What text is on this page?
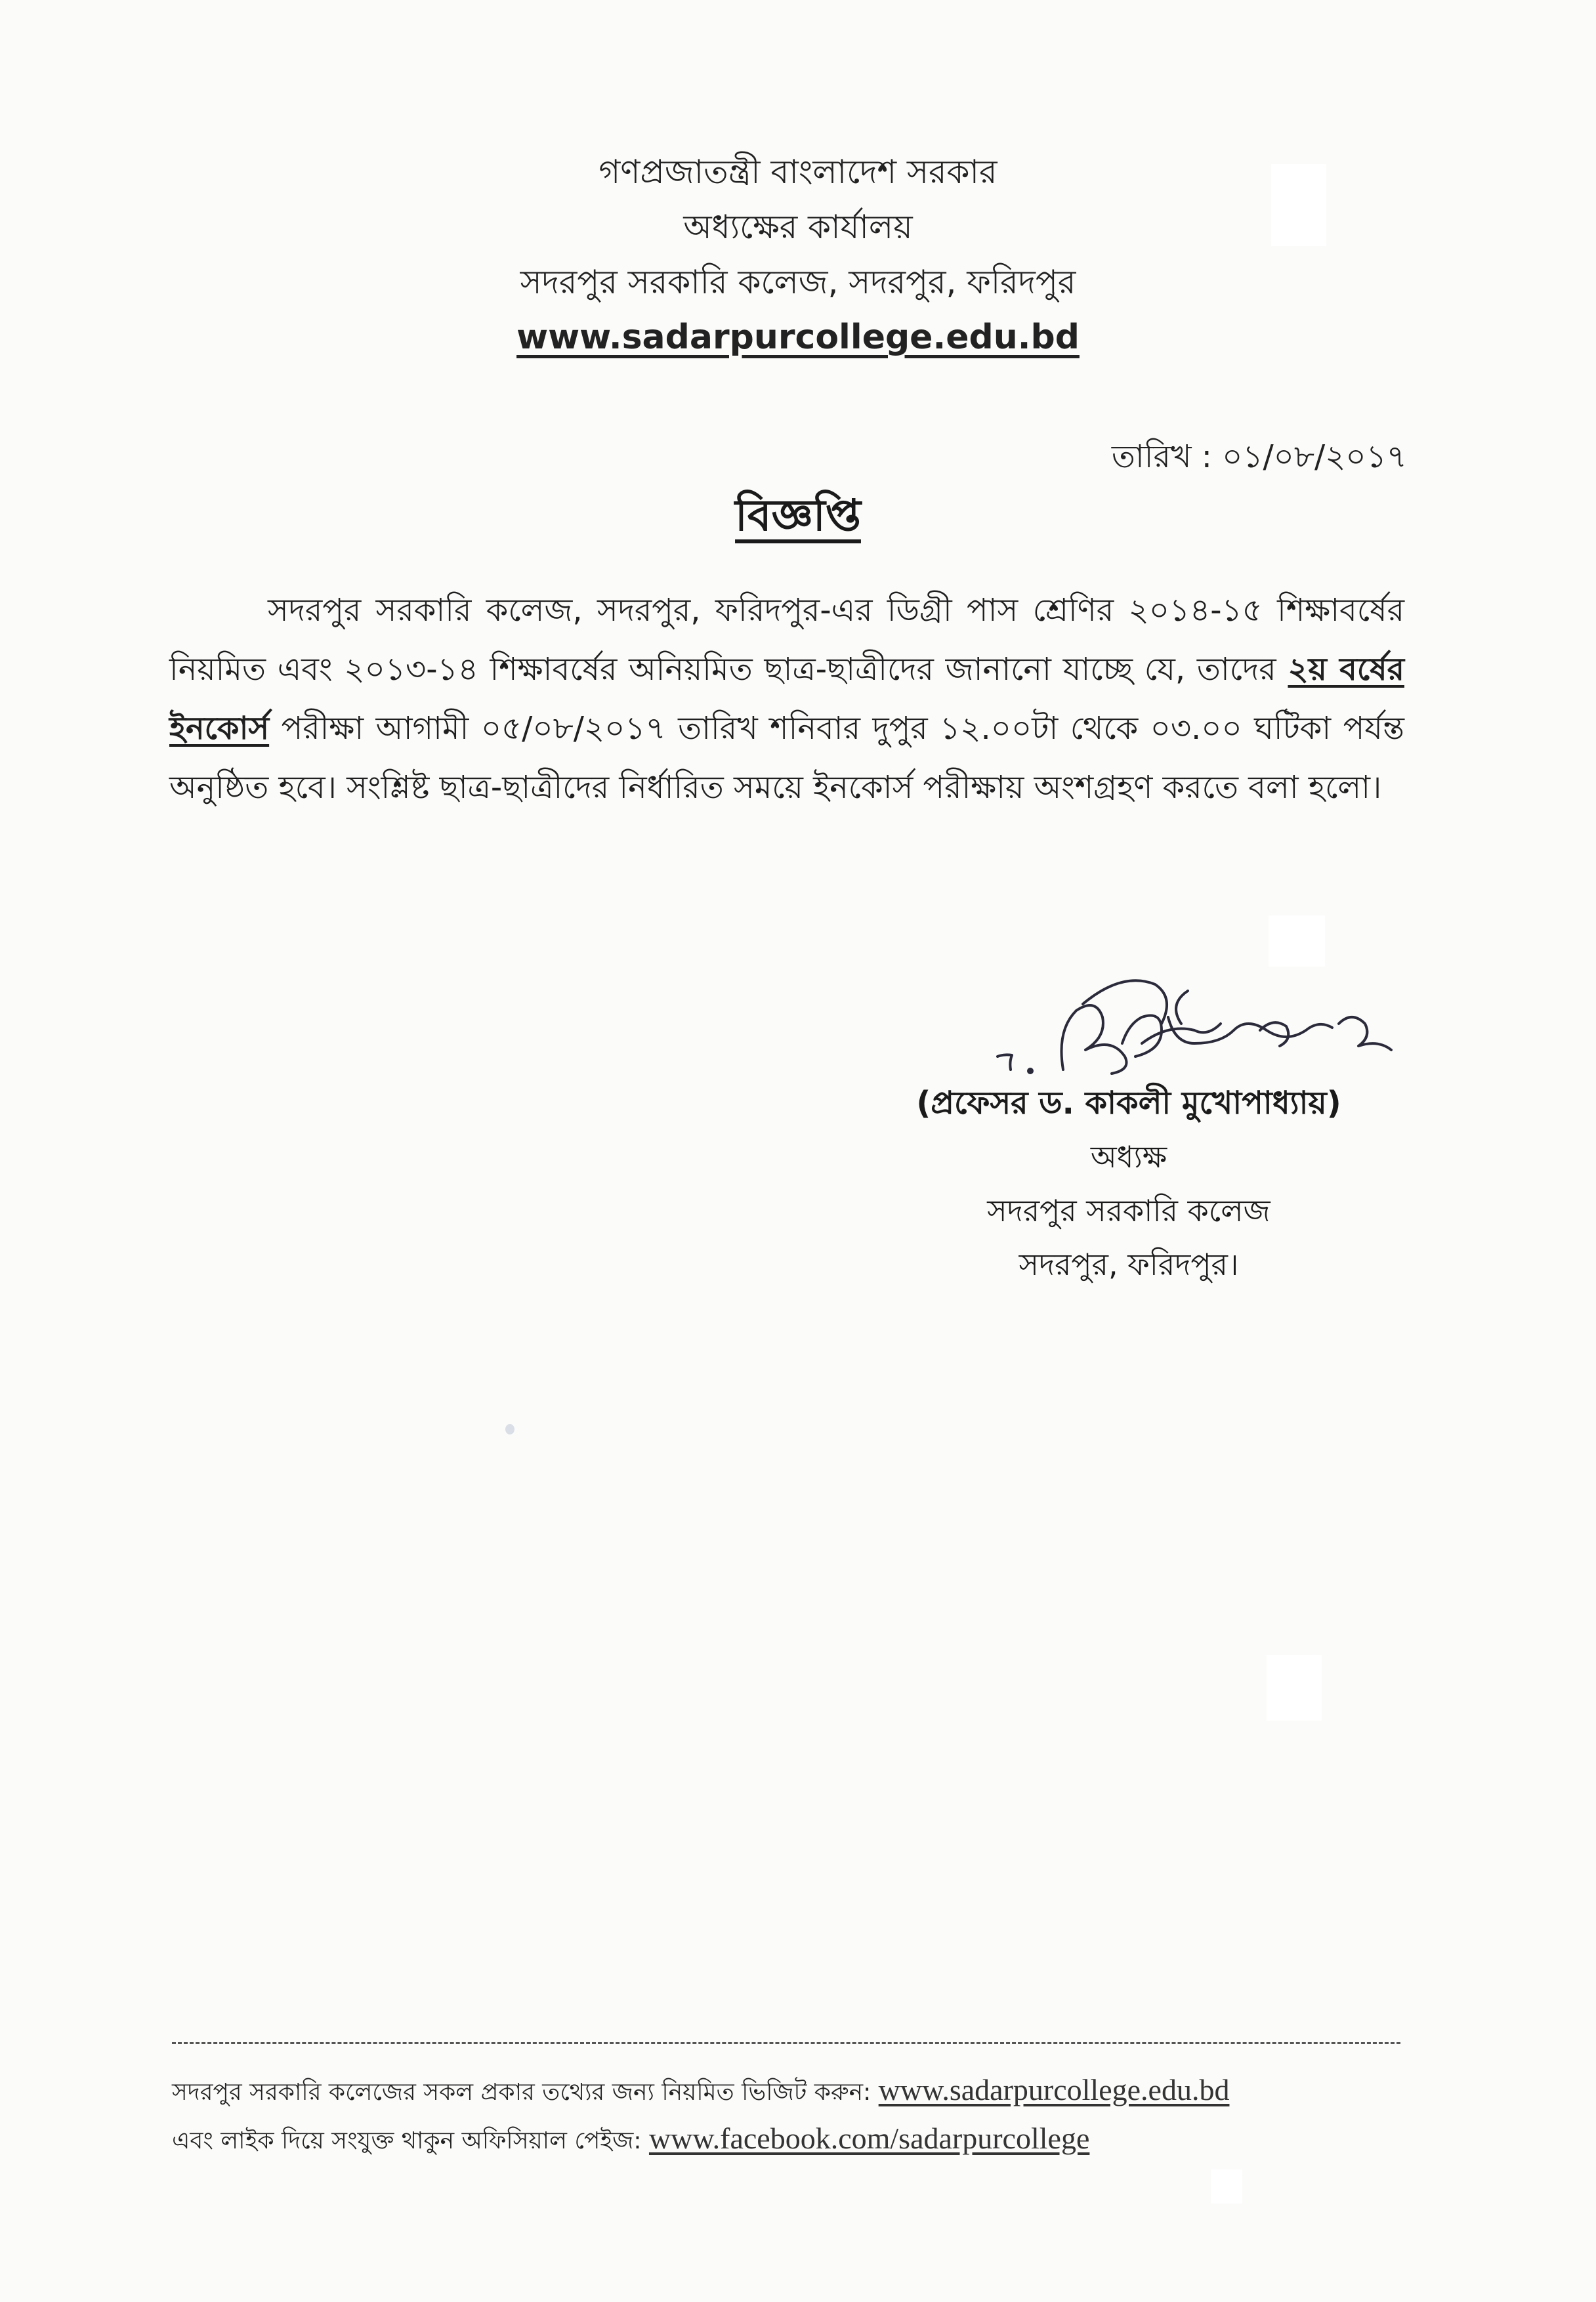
গণপ্রজাতন্ত্রী বাংলাদেশ সরকার
অধ্যক্ষের কার্যালয়
সদরপুর সরকারি কলেজ, সদরপুর, ফরিদপুর
www.sadarpurcollege.edu.bd
তারিখ : ০১/০৮/২০১৭
বিজ্ঞপ্তি
সদরপুর সরকারি কলেজ, সদরপুর, ফরিদপুর-এর ডিগ্রী পাস শ্রেণির ২০১৪-১৫ শিক্ষাবর্ষের নিয়মিত এবং ২০১৩-১৪ শিক্ষাবর্ষের অনিয়মিত ছাত্র-ছাত্রীদের জানানো যাচ্ছে যে, তাদের ২য় বর্ষের ইনকোর্স পরীক্ষা আগামী ০৫/০৮/২০১৭ তারিখ শনিবার দুপুর ১২.০০টা থেকে ০৩.০০ ঘটিকা পর্যন্ত অনুষ্ঠিত হবে। সংশ্লিষ্ট ছাত্র-ছাত্রীদের নির্ধারিত সময়ে ইনকোর্স পরীক্ষায় অংশগ্রহণ করতে বলা হলো।
(প্রফেসর ড. কাকলী মুখোপাধ্যায়)
অধ্যক্ষ
সদরপুর সরকারি কলেজ
সদরপুর, ফরিদপুর।
সদরপুর সরকারি কলেজের সকল প্রকার তথ্যের জন্য নিয়মিত ভিজিট করুন: www.sadarpurcollege.edu.bd
এবং লাইক দিয়ে সংযুক্ত থাকুন অফিসিয়াল পেইজ: www.facebook.com/sadarpurcollege
